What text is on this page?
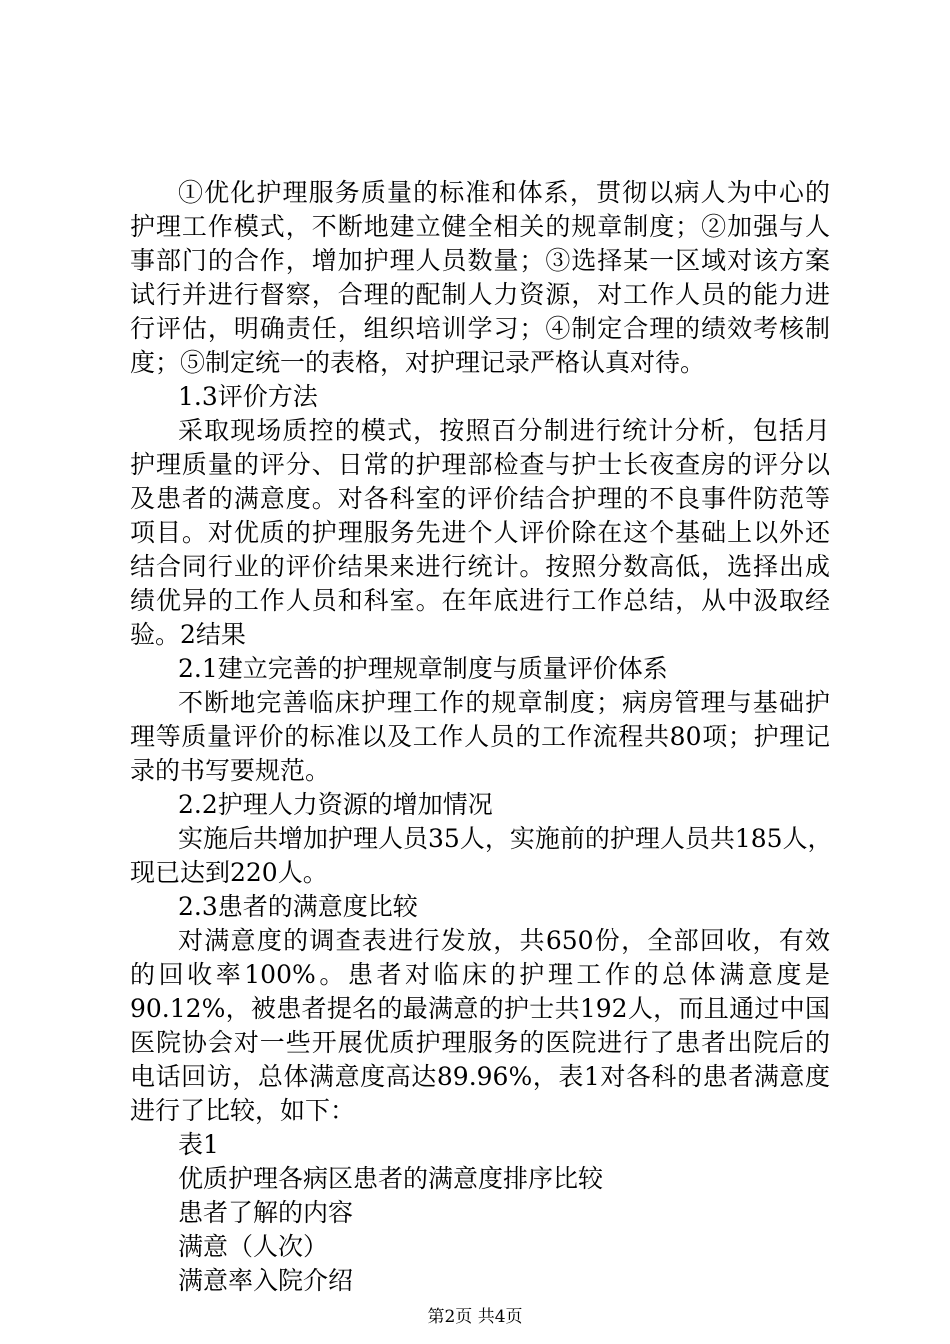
①优化护理服务质量的标准和体系，贯彻以病人为中心的
护理工作模式，不断地建立健全相关的规章制度；②加强与人
事部门的合作，增加护理人员数量；③选择某一区域对该方案
试行并进行督察，合理的配制人力资源，对工作人员的能力进
行评估，明确责任，组织培训学习；④制定合理的绩效考核制
度；⑤制定统一的表格，对护理记录严格认真对待。
1.3评价方法
采取现场质控的模式，按照百分制进行统计分析，包括月
护理质量的评分、日常的护理部检查与护士长夜查房的评分以
及患者的满意度。对各科室的评价结合护理的不良事件防范等
项目。对优质的护理服务先进个人评价除在这个基础上以外还
结合同行业的评价结果来进行统计。按照分数高低，选择出成
绩优异的工作人员和科室。在年底进行工作总结，从中汲取经
验。2结果
2.1建立完善的护理规章制度与质量评价体系
不断地完善临床护理工作的规章制度；病房管理与基础护
理等质量评价的标准以及工作人员的工作流程共80项；护理记
录的书写要规范。
2.2护理人力资源的增加情况
实施后共增加护理人员35人，实施前的护理人员共185人，
现已达到220人。
2.3患者的满意度比较
对满意度的调查表进行发放，共650份，全部回收，有效
的回收率100%。患者对临床的护理工作的总体满意度是
90.12%，被患者提名的最满意的护士共192人，而且通过中国
医院协会对一些开展优质护理服务的医院进行了患者出院后的
电话回访，总体满意度高达89.96%，表1对各科的患者满意度
进行了比较，如下：
表1
优质护理各病区患者的满意度排序比较
患者了解的内容
满意（人次）
满意率入院介绍
第2页 共4页
